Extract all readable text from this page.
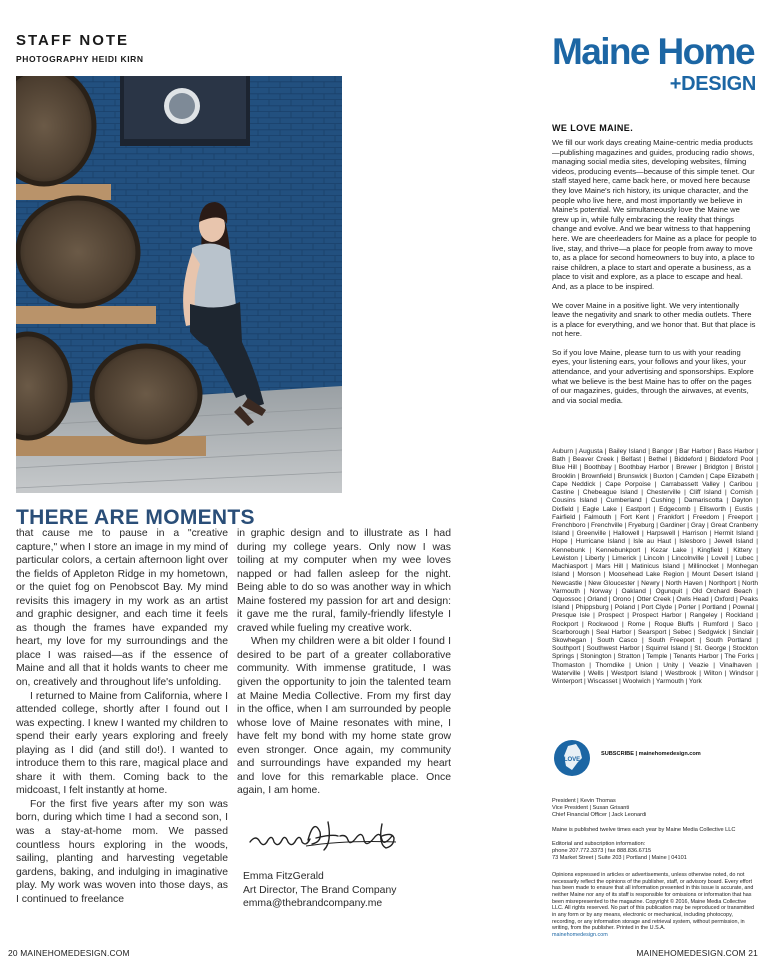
STAFF NOTE
PHOTOGRAPHY HEIDI KIRN
THERE ARE MOMENTS

that cause me to pause in a "creative capture," when I store an image in my mind of particular colors, a certain afternoon light over the fields of Appleton Ridge in my hometown, or the quiet fog on Penobscot Bay. My mind revisits this imagery in my work as an artist and graphic designer, and each time it feels as though the frames have expanded my heart, my love for my surroundings and the place I was raised—as if the essence of Maine and all that it holds wants to cheer me on, creatively and throughout life's unfolding.

I returned to Maine from California, where I attended college, shortly after I found out I was expecting. I knew I wanted my children to spend their early years exploring and freely playing as I did (and still do!). I wanted to introduce them to this rare, magical place and share it with them. Coming back to the midcoast, I felt instantly at home.

For the first five years after my son was born, during which time I had a second son, I was a stay-at-home mom. We passed countless hours exploring in the woods, sailing, planting and harvesting vegetable gardens, baking, and indulging in imaginative play. My work was woven into those days, as I continued to freelance

in graphic design and to illustrate as I had during my college years. Only now I was toiling at my computer when my wee loves napped or had fallen asleep for the night. Being able to do so was another way in which Maine fostered my passion for art and design: it gave me the rural, family-friendly lifestyle I craved while fueling my creative work.

When my children were a bit older I found I desired to be part of a greater collaborative community. With immense gratitude, I was given the opportunity to join the talented team at Maine Media Collective. From my first day in the office, when I am surrounded by people whose love of Maine resonates with mine, I have felt my bond with my home state grow even stronger. Once again, my community and surroundings have expanded my heart and love for this remarkable place. Once again, I am home.

Emma FitzGerald
Art Director, The Brand Company
emma@thebrandcompany.me
20 MAINEHOMEDESIGN.COM
Maine Home
+DESIGN
WE LOVE MAINE.

We fill our work days creating Maine-centric media products—publishing magazines and guides, producing radio shows, managing social media sites, developing websites, filming videos, producing events—because of this simple tenet. Our staff stayed here, came back here, or moved here because they love Maine's rich history, its unique character, and the people who live here, and most importantly we believe in Maine's potential. We simultaneously love the Maine we grew up in, while fully embracing the reality that things change and evolve. And we bear witness to that happening here. We are cheerleaders for Maine as a place for people to live, stay, and thrive—a place for people from away to move to, as a place for second homeowners to buy into, a place to raise children, a place to start and operate a business, as a place to visit and explore, as a place to escape and heal. And, as a place to be inspired.

We cover Maine in a positive light. We very intentionally leave the negativity and snark to other media outlets. There is a place for everything, and we honor that. But that place is not here.

So if you love Maine, please turn to us with your reading eyes, your listening ears, your follows and your likes, your attendance, and your advertising and sponsorships. Explore what we believe is the best Maine has to offer on the pages of our magazines, guides, through the airwaves, at events, and via social media.

Auburn | Augusta | Bailey Island | Bangor | Bar Harbor | Bass Harbor | Bath | Beaver Creek | Belfast | Bethel | Biddeford | Biddeford Pool | Blue Hill | Boothbay | Boothbay Harbor | Brewer | Bridgton | Bristol | Brooklin | Brownfield | Brunswick | Buxton | Camden | Cape Elizabeth | Cape Neddick | Cape Porpoise | Carrabassett Valley | Caribou | Castine | Chebeague Island | Chesterville | Cliff Island | Cornish | Cousins Island | Cumberland | Cushing | Damariscotta | Dayton | Dixfield | Eagle Lake | Eastport | Edgecomb | Ellsworth | Eustis | Fairfield | Falmouth | Fort Kent | Frankfort | Freedom | Freeport | Frenchboro | Frenchville | Fryeburg | Gardiner | Gray | Great Cranberry Island | Greenville | Hallowell | Harpswell | Harrison | Hermit Island | Hope | Hurricane Island | Isle au Haut | Islesboro | Jewell Island | Kennebunk | Kennebunkport | Kezar Lake | Kingfield | Kittery | Lewiston | Liberty | Limerick | Lincoln | Lincolnville | Lovell | Lubec | Machiasport | Mars Hill | Matinicus Island | Millinocket | Monhegan Island | Monson | Moosehead Lake Region | Mount Desert Island | Newcastle | New Gloucester | Newry | North Haven | Northport | North Yarmouth | Norway | Oakland | Ogunquit | Old Orchard Beach | Oquossoc | Orland | Orono | Otter Creek | Owls Head | Oxford | Peaks Island | Phippsburg | Poland | Port Clyde | Porter | Portland | Pownal | Presque Isle | Prospect | Prospect Harbor | Rangeley | Rockland | Rockport | Rockwood | Rome | Roque Bluffs | Rumford | Saco | Scarborough | Seal Harbor | Searsport | Sebec | Sedgwick | Sinclair | Skowhegan | South Casco | South Freeport | South Portland | Southport | Southwest Harbor | Squirrel Island | St. George | Stockton Springs | Stonington | Stratton | Temple | Tenants Harbor | The Forks | Thomaston | Thorndike | Union | Unity | Veazie | Vinalhaven | Waterville | Wells | Westport Island | Westbrook | Wilton | Windsor | Winterport | Wiscasset | Woolwich | Yarmouth | York
LOVE
SUBSCRIBE | mainehomedesign.com
President | Kevin Thomas
Vice President | Susan Grisanti
Chief Financial Officer | Jack Leonardi
Maine is published twelve times each year by Maine Media Collective LLC
Editorial and subscription information:
phone 207.772.3373 | fax 888.836.6715
73 Market Street | Suite 203 | Portland | Maine | 04101
Opinions expressed in articles or advertisements, unless otherwise noted, do not necessarily reflect the opinions of the publisher, staff, or advisory board. Every effort has been made to ensure that all information presented in this issue is accurate, and neither Maine nor any of its staff is responsible for omissions or information that has been misrepresented to the magazine. Copyright © 2016, Maine Media Collective LLC. All rights reserved. No part of this publication may be reproduced or transmitted in any form or by any means, electronic or mechanical, including photocopy, recording, or any information storage and retrieval system, without permission, in writing, from the publisher. Printed in the U.S.A.
mainehomedesign.com
MAINEHOMEDESIGN.COM 21
